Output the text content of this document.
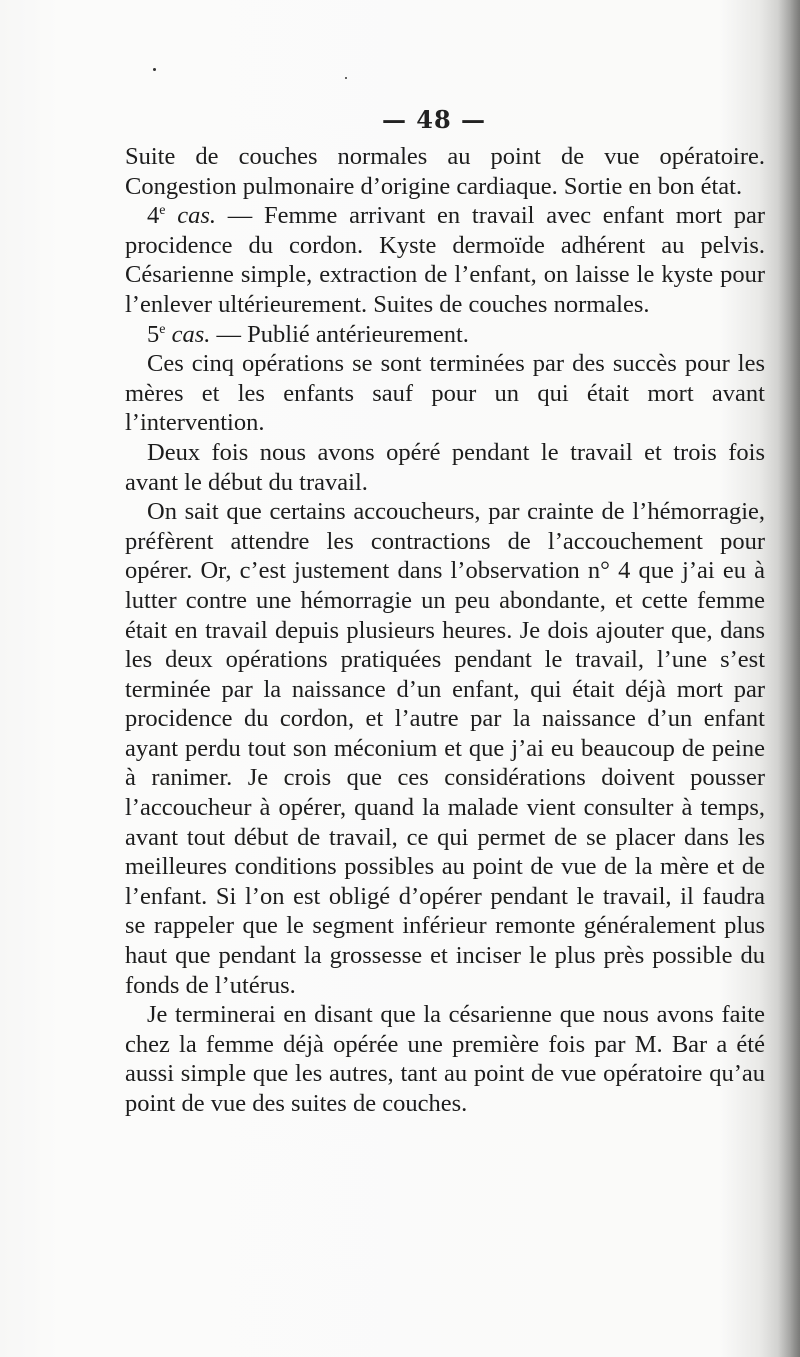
— 48 —

Suite de couches normales au point de vue opératoire. Congestion pulmonaire d’origine cardiaque. Sortie en bon état.

4e cas. — Femme arrivant en travail avec enfant mort par procidence du cordon. Kyste dermoïde adhérent au pelvis. Césarienne simple, extraction de l’enfant, on laisse le kyste pour l’enlever ultérieurement. Suites de couches normales.

5e cas. — Publié antérieurement.

Ces cinq opérations se sont terminées par des succès pour les mères et les enfants sauf pour un qui était mort avant l’intervention.

Deux fois nous avons opéré pendant le travail et trois fois avant le début du travail.

On sait que certains accoucheurs, par crainte de l’hémorragie, préfèrent attendre les contractions de l’accouchement pour opérer. Or, c’est justement dans l’observation n° 4 que j’ai eu à lutter contre une hémorragie un peu abondante, et cette femme était en travail depuis plusieurs heures. Je dois ajouter que, dans les deux opérations pratiquées pendant le travail, l’une s’est terminée par la naissance d’un enfant, qui était déjà mort par procidence du cordon, et l’autre par la naissance d’un enfant ayant perdu tout son méconium et que j’ai eu beaucoup de peine à ranimer. Je crois que ces considérations doivent pousser l’accoucheur à opérer, quand la malade vient consulter à temps, avant tout début de travail, ce qui permet de se placer dans les meilleures conditions possibles au point de vue de la mère et de l’enfant. Si l’on est obligé d’opérer pendant le travail, il faudra se rappeler que le segment inférieur remonte généralement plus haut que pendant la grossesse et inciser le plus près possible du fonds de l’utérus.

Je terminerai en disant que la césarienne que nous avons faite chez la femme déjà opérée une première fois par M. Bar a été aussi simple que les autres, tant au point de vue opératoire qu’au point de vue des suites de couches.
